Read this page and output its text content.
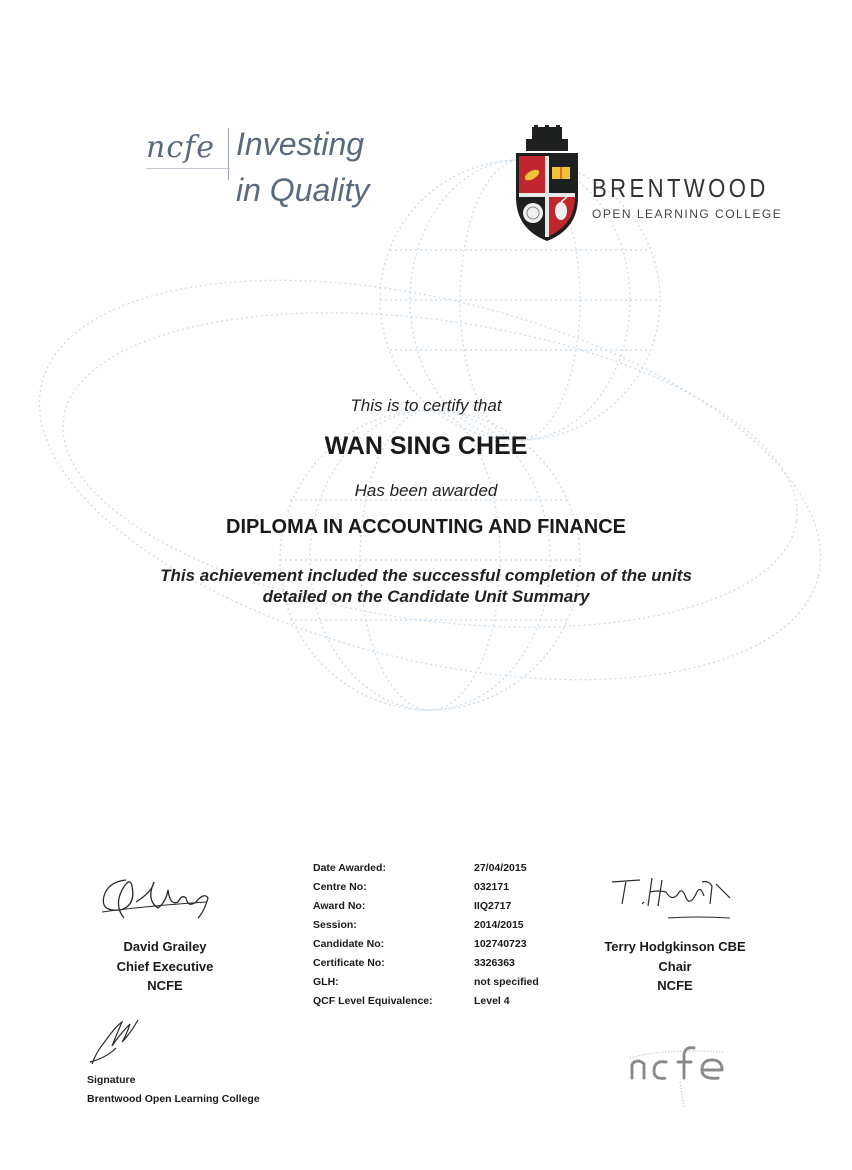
ncfe Investing
in Quality	BRENTWOOD
OPEN LEARNING COLLEGE
This is to certify that
WAN SING CHEE
Has been awarded
DIPLOMA IN ACCOUNTING AND FINANCE
This achievement included the successful completion of the units
detailed on the Candidate Unit Summary
David Grailey
Chief Executive
NCFE
Date Awarded:	27/04/2015
Centre No:	032171
Award No:	IIQ2717
Session:	2014/2015
Candidate No:	102740723
Certificate No:	3326363
GLH:	not specified
QCF Level Equivalence:	Level 4
Terry Hodgkinson CBE
Chair
NCFE
Signature
Brentwood Open Learning College
